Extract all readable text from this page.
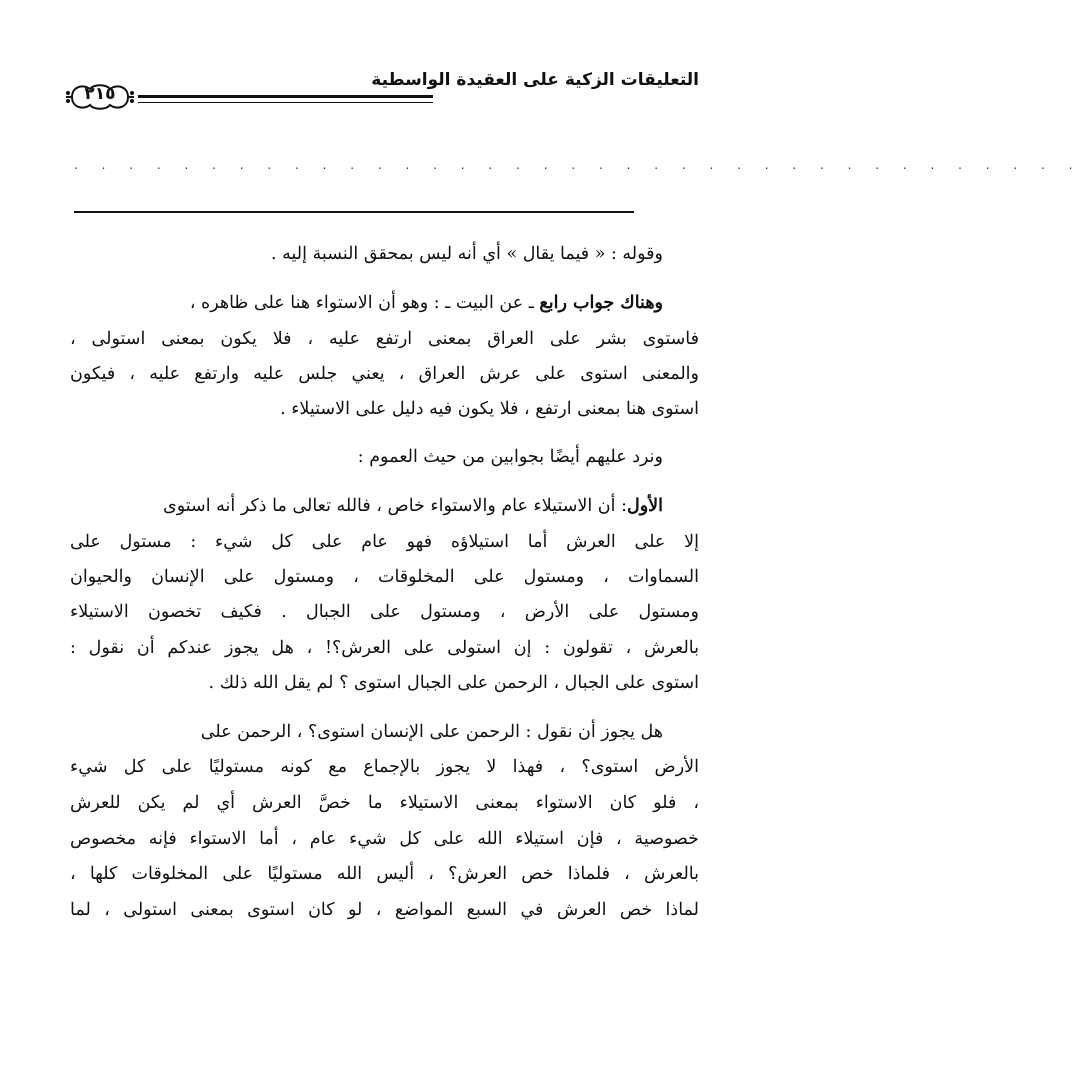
التعليقات الزكية على العقيدة الواسطية
٢١٥
. . . . . . . . . . . . . . . . . . . . . . . . . . . . . . . . . . . . .
وقوله : « فيما يقال » أي أنه ليس بمحقق النسبة إليه .
وهناك جواب رابع ـ عن البيت ـ : وهو أن الاستواء هنا على ظاهره ،
فاستوى بشر على العراق بمعنى ارتفع عليه ، فلا يكون بمعنى استولى ،
والمعنى استوى على عرش العراق ، يعني جلس عليه وارتفع عليه ، فيكون
استوى هنا بمعنى ارتفع ، فلا يكون فيه دليل على الاستيلاء .
ونرد عليهم أيضًا بجوابين من حيث العموم :
الأول: أن الاستيلاء عام والاستواء خاص ، فالله تعالى ما ذكر أنه استوى
إلا على العرش أما استيلاؤه فهو عام على كل شيء : مستول على
السماوات ، ومستول على المخلوقات ، ومستول على الإنسان والحيوان
ومستول على الأرض ، ومستول على الجبال . فكيف تخصون الاستيلاء
بالعرش ، تقولون : إن استولى على العرش؟! ، هل يجوز عندكم أن نقول :
استوى على الجبال ، الرحمن على الجبال استوى ؟ لم يقل الله ذلك .
هل يجوز أن نقول : الرحمن على الإنسان استوى؟ ، الرحمن على
الأرض استوى؟ ، فهذا لا يجوز بالإجماع مع كونه مستوليًا على كل شيء
، فلو كان الاستواء بمعنى الاستيلاء ما خصَّ العرش أي لم يكن للعرش
خصوصية ، فإن استيلاء الله على كل شيء عام ، أما الاستواء فإنه مخصوص
بالعرش ، فلماذا خص العرش؟ ، أليس الله مستوليًا على المخلوقات كلها ،
لماذا خص العرش في السبع المواضع ، لو كان استوى بمعنى استولى ، لما
